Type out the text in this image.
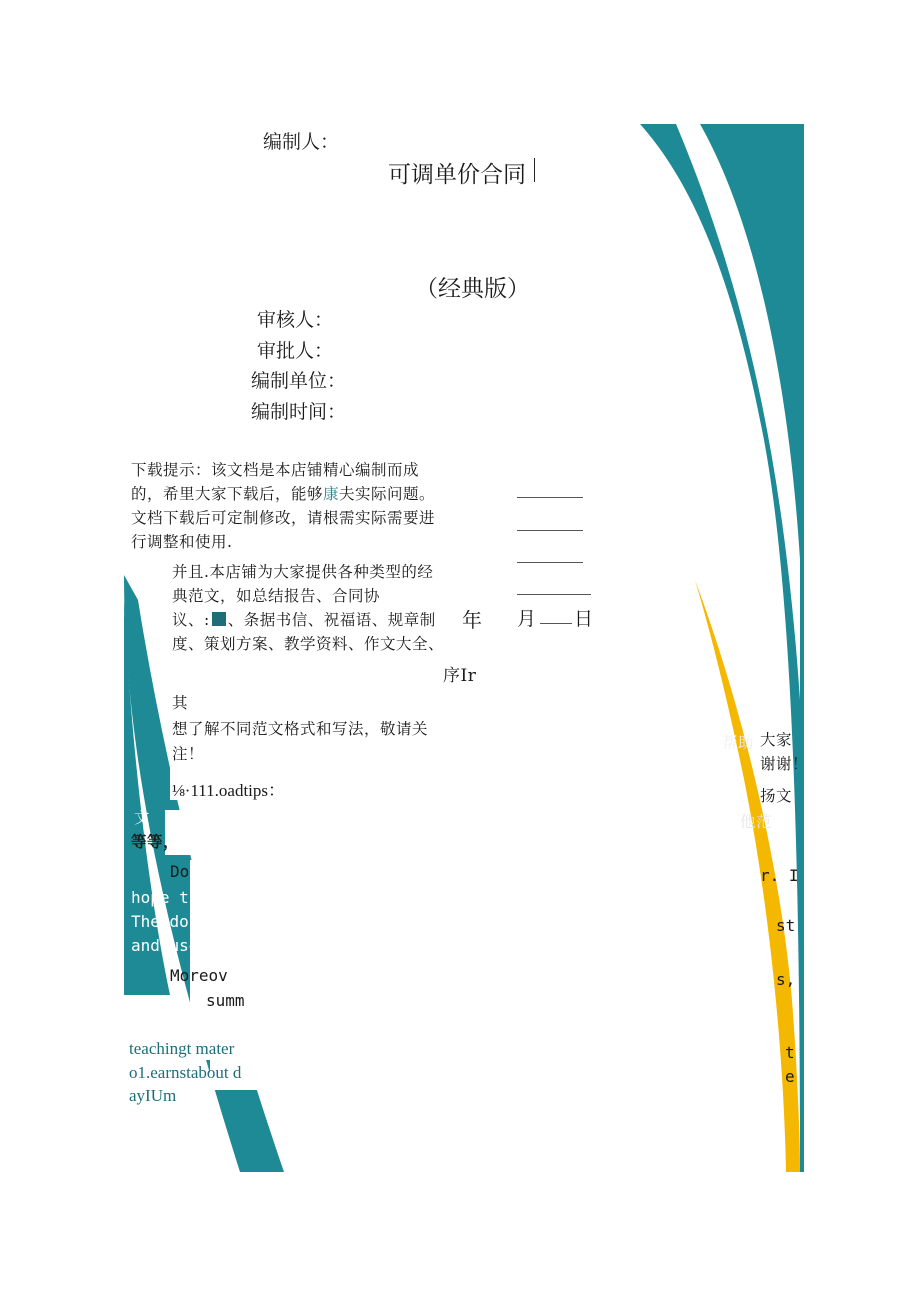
编制人：
可调单价合同
（经典版）
审核人：
审批人：
编制单位：
编制时间：
月 日
年
下载提示：该文档是本店铺精心编制而成
的，希里大家下载后，能够康夫实际问题。
文档下载后可定制修改，请根需实际需要进
行调整和使用.
并且.本店铺为大家提供各种类型的经
典范文，如总结报告、合同协
议、: 、条据书信、祝福语、规章制
度、策划方案、教学资料、作文大全、
序Ir
其
想了解不同范文格式和写法，敬请关
注！
⅛·111.oadtips：
文
等等，
Do
hope th
The docum
and use
Moreov
summ
teachingt mater
o1.earnstabout d
ayIUm
帮助 大家
谢谢！
扬文
他范
r. I
st
s,
t
e
